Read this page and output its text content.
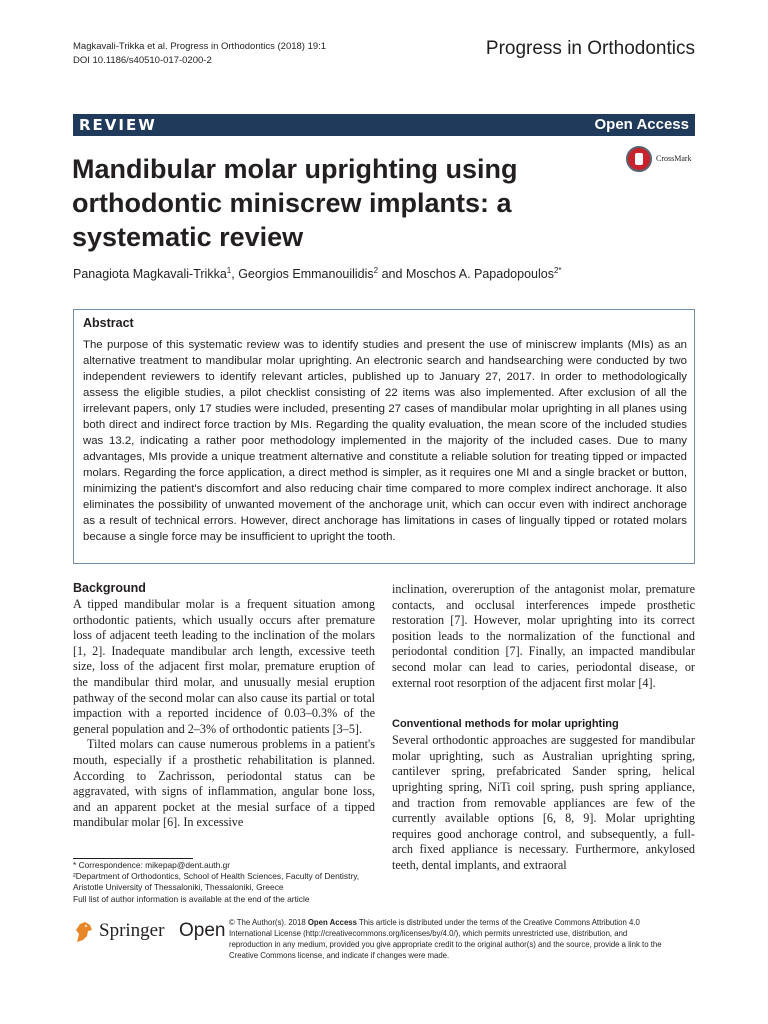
Magkavali-Trikka et al. Progress in Orthodontics (2018) 19:1
DOI 10.1186/s40510-017-0200-2
Progress in Orthodontics
REVIEW	Open Access
Mandibular molar uprighting using orthodontic miniscrew implants: a systematic review
CrossMark
Panagiota Magkavali-Trikka$^1$, Georgios Emmanouilidis$^2$ and Moschos A. Papadopoulos$^{2*}$
Abstract

The purpose of this systematic review was to identify studies and present the use of miniscrew implants (MIs) as an alternative treatment to mandibular molar uprighting. An electronic search and handsearching were conducted by two independent reviewers to identify relevant articles, published up to January 27, 2017. In order to methodologically assess the eligible studies, a pilot checklist consisting of 22 items was also implemented. After exclusion of all the irrelevant papers, only 17 studies were included, presenting 27 cases of mandibular molar uprighting in all planes using both direct and indirect force traction by MIs. Regarding the quality evaluation, the mean score of the included studies was 13.2, indicating a rather poor methodology implemented in the majority of the included cases. Due to many advantages, MIs provide a unique treatment alternative and constitute a reliable solution for treating tipped or impacted molars. Regarding the force application, a direct method is simpler, as it requires one MI and a single bracket or button, minimizing the patient's discomfort and also reducing chair time compared to more complex indirect anchorage. It also eliminates the possibility of unwanted movement of the anchorage unit, which can occur even with indirect anchorage as a result of technical errors. However, direct anchorage has limitations in cases of lingually tipped or rotated molars because a single force may be insufficient to upright the tooth.

Background

A tipped mandibular molar is a frequent situation among orthodontic patients, which usually occurs after premature loss of adjacent teeth leading to the inclination of the molars [1, 2]. Inadequate mandibular arch length, excessive teeth size, loss of the adjacent first molar, premature eruption of the mandibular third molar, and unusually mesial eruption pathway of the second molar can also cause its partial or total impaction with a reported incidence of 0.03–0.3% of the general population and 2–3% of orthodontic patients [3–5].

Tilted molars can cause numerous problems in a patient's mouth, especially if a prosthetic rehabilitation is planned. According to Zachrisson, periodontal status can be aggravated, with signs of inflammation, angular bone loss, and an apparent pocket at the mesial surface of a tipped mandibular molar [6]. In excessive

inclination, overeruption of the antagonist molar, premature contacts, and occlusal interferences impede prosthetic restoration [7]. However, molar uprighting into its correct position leads to the normalization of the functional and periodontal condition [7]. Finally, an impacted mandibular second molar can lead to caries, periodontal disease, or external root resorption of the adjacent first molar [4].

Conventional methods for molar uprighting

Several orthodontic approaches are suggested for mandibular molar uprighting, such as Australian uprighting spring, cantilever spring, prefabricated Sander spring, helical uprighting spring, NiTi coil spring, push spring appliance, and traction from removable appliances are few of the currently available options [6, 8, 9]. Molar uprighting requires good anchorage control, and subsequently, a full-arch fixed appliance is necessary. Furthermore, ankylosed teeth, dental implants, and extraoral

* Correspondence: mikepap@dent.auth.gr
²Department of Orthodontics, School of Health Sciences, Faculty of Dentistry, Aristotle University of Thessaloniki, Thessaloniki, Greece
Full list of author information is available at the end of the article
Springer Open © The Author(s). 2018 Open Access This article is distributed under the terms of the Creative Commons Attribution 4.0 International License (http://creativecommons.org/licenses/by/4.0/), which permits unrestricted use, distribution, and reproduction in any medium, provided you give appropriate credit to the original author(s) and the source, provide a link to the Creative Commons license, and indicate if changes were made.
